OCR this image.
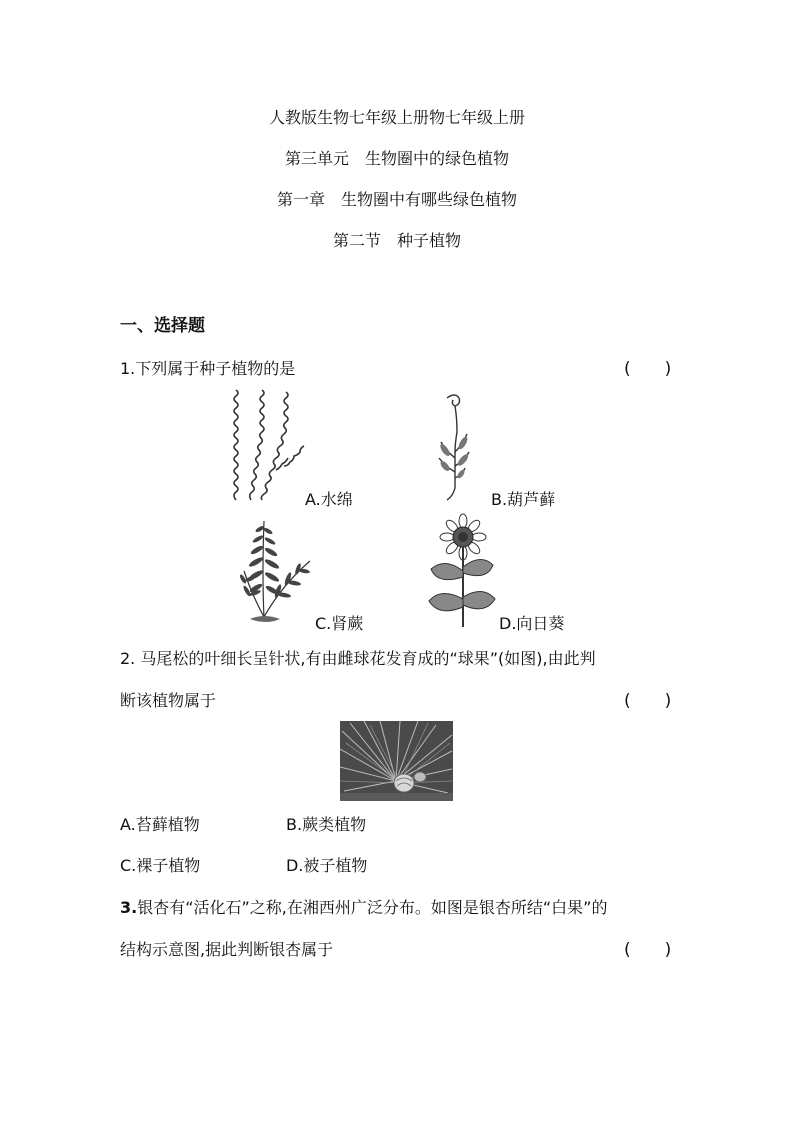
人教版生物七年级上册物七年级上册
第三单元　生物圈中的绿色植物
第一章　生物圈中有哪些绿色植物
第二节　种子植物
一、选择题
1.下列属于种子植物的是	(　　)
A.水绵	B.葫芦藓
C.肾蕨	D.向日葵
2. 马尾松的叶细长呈针状,有由雌球花发育成的“球果”(如图),由此判
断该植物属于	(　　)
A.苔藓植物	B.蕨类植物
C.裸子植物	D.被子植物
3.银杏有“活化石”之称,在湘西州广泛分布。如图是银杏所结“白果”的
结构示意图,据此判断银杏属于	(　　)
